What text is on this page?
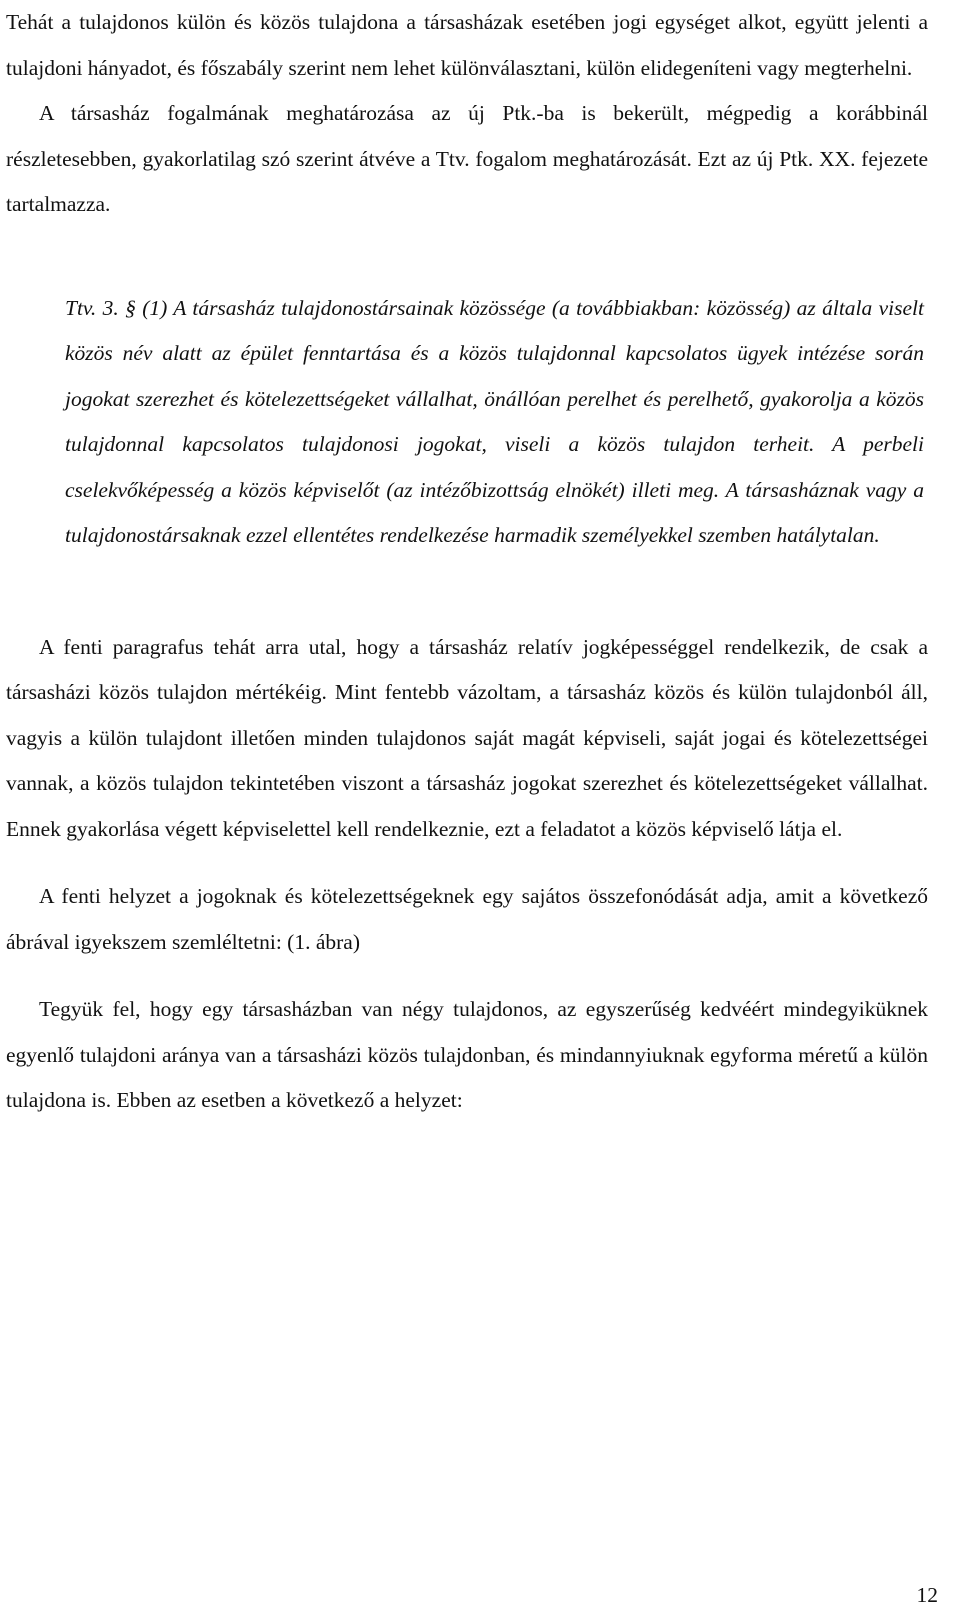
Tehát a tulajdonos külön és közös tulajdona a társasházak esetében jogi egységet alkot, együtt jelenti a tulajdoni hányadot, és főszabály szerint nem lehet különválasztani, külön elidegeníteni vagy megterhelni.

A társasház fogalmának meghatározása az új Ptk.-ba is bekerült, mégpedig a korábbinál részletesebben, gyakorlatilag szó szerint átvéve a Ttv. fogalom meghatározását. Ezt az új Ptk. XX. fejezete tartalmazza.

Ttv. 3. § (1) A társasház tulajdonostársainak közössége (a továbbiakban: közösség) az általa viselt közös név alatt az épület fenntartása és a közös tulajdonnal kapcsolatos ügyek intézése során jogokat szerezhet és kötelezettségeket vállalhat, önállóan perelhet és perelhető, gyakorolja a közös tulajdonnal kapcsolatos tulajdonosi jogokat, viseli a közös tulajdon terheit. A perbeli cselekvőképesség a közös képviselőt (az intézőbizottság elnökét) illeti meg. A társasháznak vagy a tulajdonostársaknak ezzel ellentétes rendelkezése harmadik személyekkel szemben hatálytalan.

A fenti paragrafus tehát arra utal, hogy a társasház relatív jogképességgel rendelkezik, de csak a társasházi közös tulajdon mértékéig. Mint fentebb vázoltam, a társasház közös és külön tulajdonból áll, vagyis a külön tulajdont illetően minden tulajdonos saját magát képviseli, saját jogai és kötelezettségei vannak, a közös tulajdon tekintetében viszont a társasház jogokat szerezhet és kötelezettségeket vállalhat. Ennek gyakorlása végett képviselettel kell rendelkeznie, ezt a feladatot a közös képviselő látja el.

A fenti helyzet a jogoknak és kötelezettségeknek egy sajátos összefonódását adja, amit a következő ábrával igyekszem szemléltetni: (1. ábra)

Tegyük fel, hogy egy társasházban van négy tulajdonos, az egyszerűség kedvéért mindegyiküknek egyenlő tulajdoni aránya van a társasházi közös tulajdonban, és mindannyiuknak egyforma méretű a külön tulajdona is. Ebben az esetben a következő a helyzet:

12
